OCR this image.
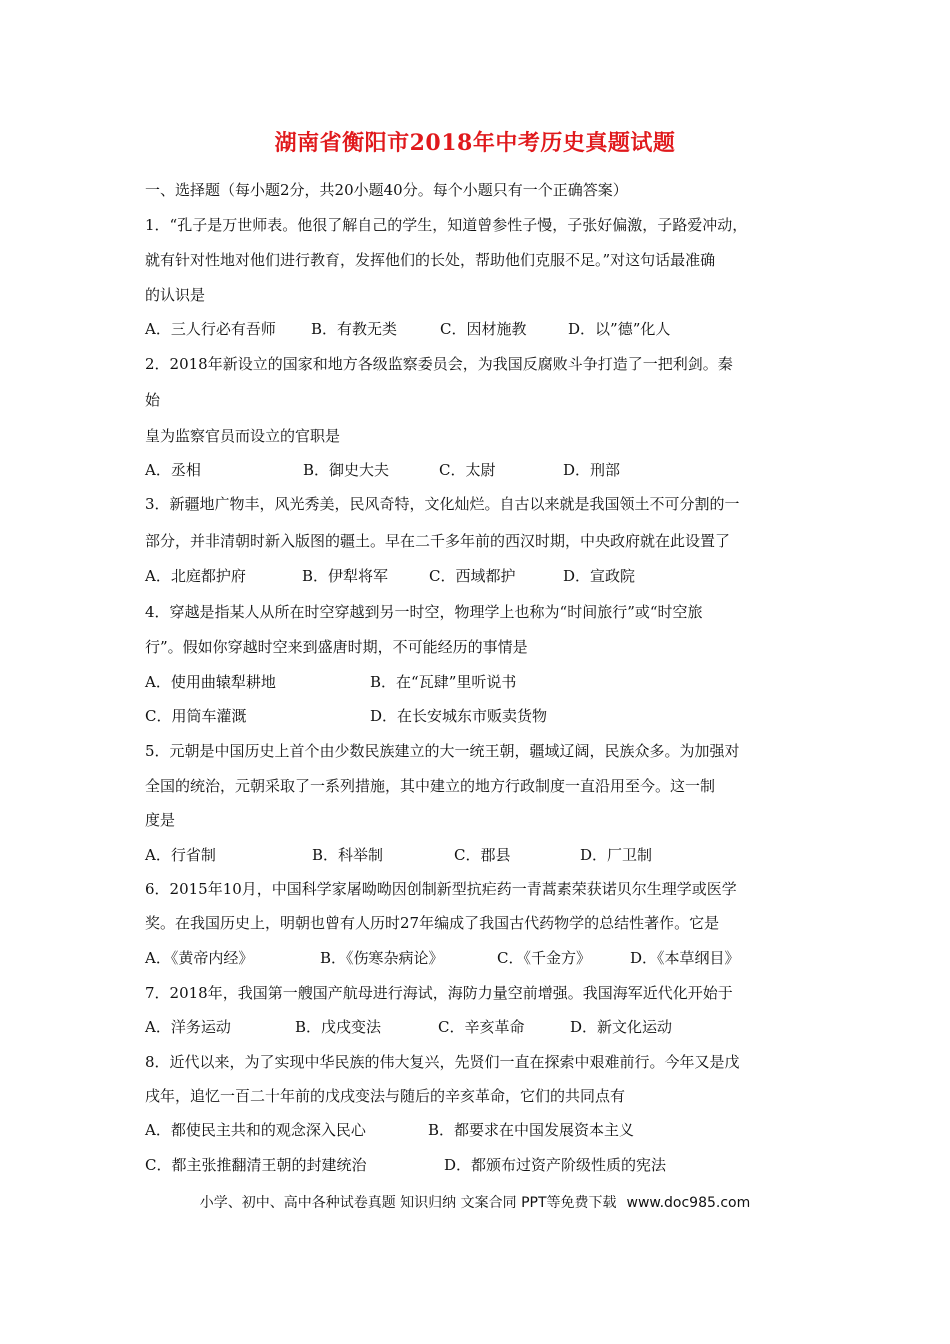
湖南省衡阳市2018年中考历史真题试题
一、选择题（每小题2分，共20小题40分。每个小题只有一个正确答案）
1．“孔子是万世师表。他很了解自己的学生，知道曾参性子慢，子张好偏激，子路爱冲动，
就有针对性地对他们进行教育，发挥他们的长处，帮助他们克服不足。”对这句话最准确
的认识是
A．三人行必有吾师 B．有教无类	C．因材施教	D．以”德”化人
2．2018年新设立的国家和地方各级监察委员会，为我国反腐败斗争打造了一把利剑。秦
始
皇为监察官员而设立的官职是
A．丞相	B．御史大夫	C．太尉	D．刑部
3．新疆地广物丰，风光秀美，民风奇特，文化灿烂。自古以来就是我国领土不可分割的一
部分，并非清朝时新入版图的疆土。早在二千多年前的西汉时期，中央政府就在此设置了
A．北庭都护府	B．伊犁将军	C．西域都护	D．宣政院
4．穿越是指某人从所在时空穿越到另一时空，物理学上也称为“时间旅行”或“时空旅
行”。假如你穿越时空来到盛唐时期，不可能经历的事情是
A．使用曲辕犁耕地	B．在“瓦肆”里听说书
C．用筒车灌溉	D．在长安城东市贩卖货物
5．元朝是中国历史上首个由少数民族建立的大一统王朝，疆域辽阔，民族众多。为加强对
全国的统治，元朝采取了一系列措施，其中建立的地方行政制度一直沿用至今。这一制
度是
A．行省制	B．科举制	C．郡县	D．厂卫制
6．2015年10月，中国科学家屠呦呦因创制新型抗疟药一青蒿素荣获诺贝尔生理学或医学
奖。在我国历史上，明朝也曾有人历时27年编成了我国古代药物学的总结性著作。它是
A．《黄帝内经》	B．《伤寒杂病论》	C．《千金方》	D．《本草纲目》
7．2018年，我国第一艘国产航母进行海试，海防力量空前增强。我国海军近代化开始于
A．洋务运动	B．戊戌变法	C．辛亥革命	D．新文化运动
8．近代以来，为了实现中华民族的伟大复兴，先贤们一直在探索中艰难前行。今年又是戊
戌年，追忆一百二十年前的戊戌变法与随后的辛亥革命，它们的共同点有
A．都使民主共和的观念深入民心	B．都要求在中国发展资本主义
C．都主张推翻清王朝的封建统治	D．都颁布过资产阶级性质的宪法
小学、初中、高中各种试卷真题 知识归纳 文案合同 PPT等免费下载 www.doc985.com
